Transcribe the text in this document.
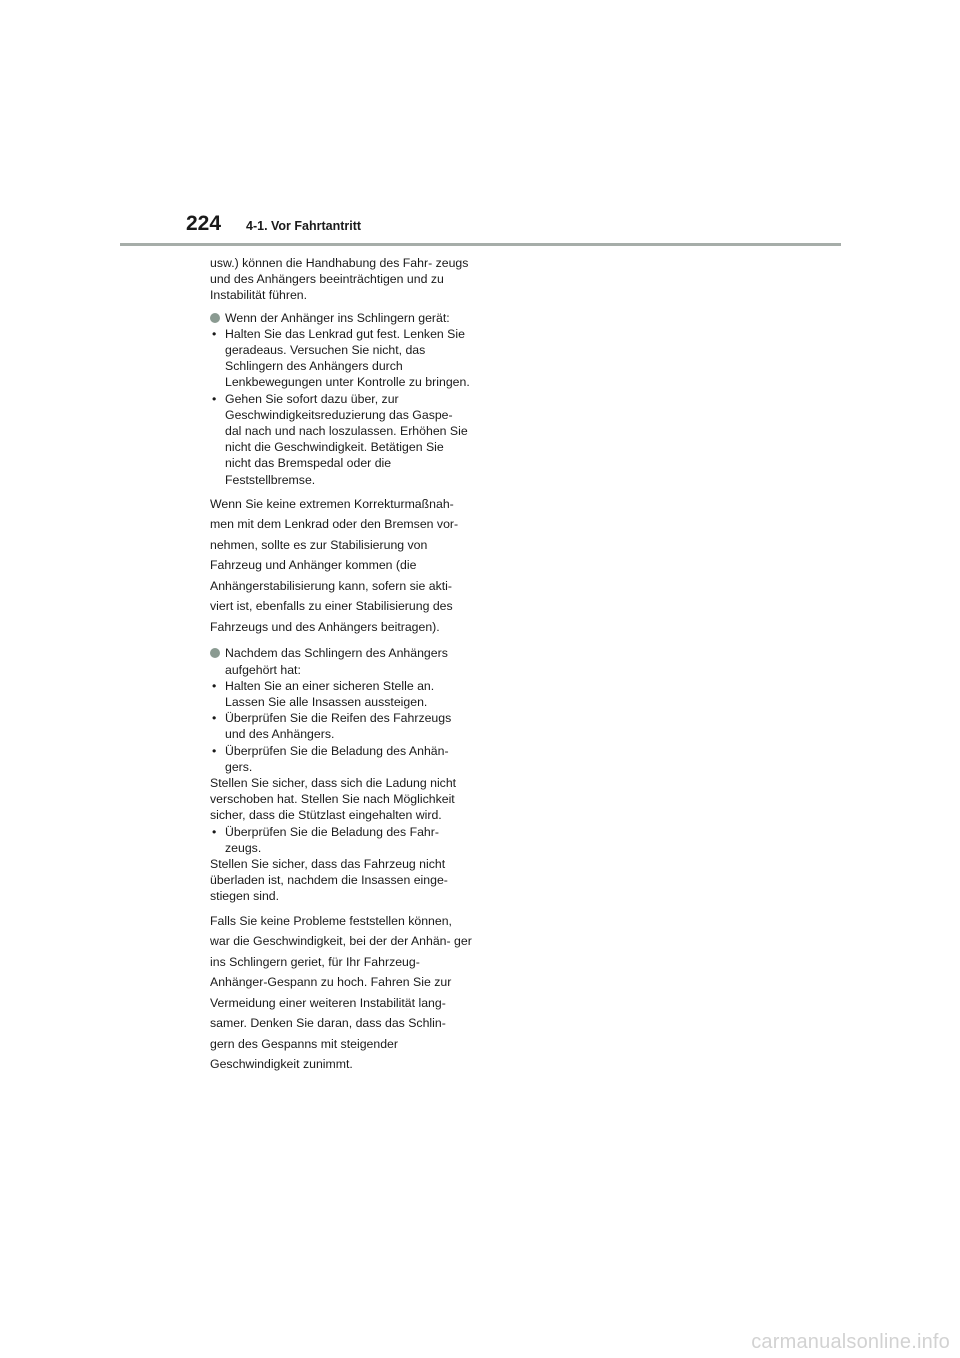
224 4-1. Vor Fahrtantritt

usw.) können die Handhabung des Fahr- zeugs und des Anhängers beeinträchtigen und zu Instabilität führen.

Wenn der Anhänger ins Schlingern gerät:
• Halten Sie das Lenkrad gut fest. Lenken Sie geradeaus. Versuchen Sie nicht, das Schlingern des Anhängers durch Lenkbewegungen unter Kontrolle zu bringen.
• Gehen Sie sofort dazu über, zur Geschwindigkeitsreduzierung das Gaspe- dal nach und nach loszulassen. Erhöhen Sie nicht die Geschwindigkeit. Betätigen Sie nicht das Bremspedal oder die Feststellbremse.

Wenn Sie keine extremen Korrekturmaßnah- men mit dem Lenkrad oder den Bremsen vor- nehmen, sollte es zur Stabilisierung von Fahrzeug und Anhänger kommen (die Anhängerstabilisierung kann, sofern sie akti- viert ist, ebenfalls zu einer Stabilisierung des Fahrzeugs und des Anhängers beitragen).

Nachdem das Schlingern des Anhängers aufgehört hat:
• Halten Sie an einer sicheren Stelle an. Lassen Sie alle Insassen aussteigen.
• Überprüfen Sie die Reifen des Fahrzeugs und des Anhängers.
• Überprüfen Sie die Beladung des Anhän- gers.
Stellen Sie sicher, dass sich die Ladung nicht verschoben hat. Stellen Sie nach Möglichkeit sicher, dass die Stützlast eingehalten wird.
• Überprüfen Sie die Beladung des Fahr- zeugs.
Stellen Sie sicher, dass das Fahrzeug nicht überladen ist, nachdem die Insassen einge- stiegen sind.

Falls Sie keine Probleme feststellen können, war die Geschwindigkeit, bei der der Anhän- ger ins Schlingern geriet, für Ihr Fahrzeug- Anhänger-Gespann zu hoch. Fahren Sie zur Vermeidung einer weiteren Instabilität lang- samer. Denken Sie daran, dass das Schlin- gern des Gespanns mit steigender Geschwindigkeit zunimmt.

carmanualsonline.info
